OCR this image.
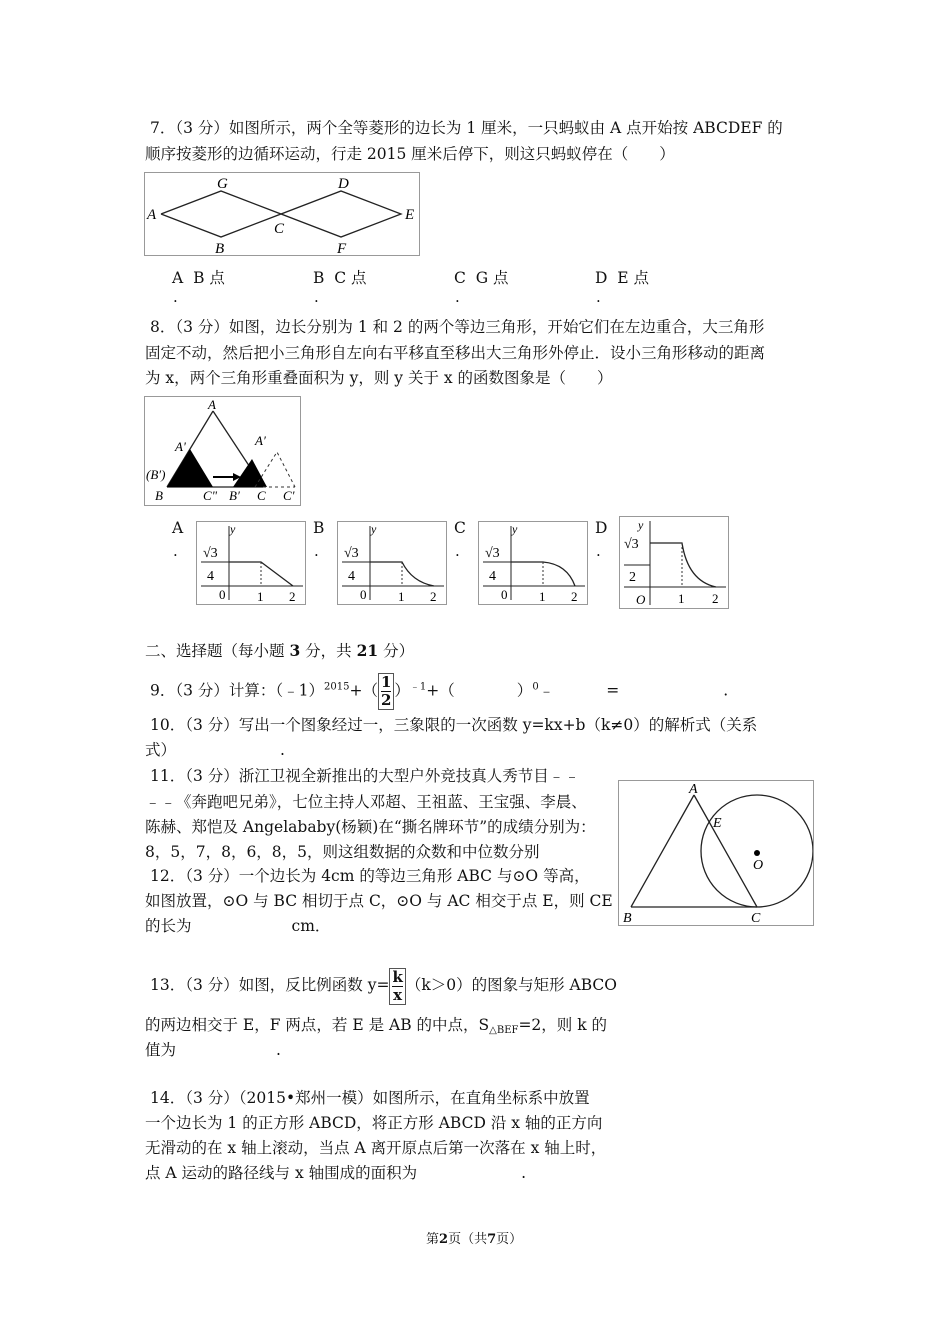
7．（3 分）如图所示，两个全等菱形的边长为 1 厘米，一只蚂蚁由 A 点开始按 ABCDEF 的
顺序按菱形的边循环运动，行走 2015 厘米后停下，则这只蚂蚁停在（　　）
G	D
A
C
E
B	F
A B 点	B C 点	C G 点	D E 点
.	.	.	.
8．（3 分）如图，边长分别为 1 和 2 的两个等边三角形，开始它们在左边重合，大三角形
固定不动，然后把小三角形自左向右平移直至移出大三角形外停止．设小三角形移动的距离
为 x，两个三角形重叠面积为 y，则 y 关于 x 的函数图象是（　　）
A
A'	A′
(B′)
B	C" B′ C C'
A	B	C	D
.	.	.	.
y
√3
4
0 1 2
y
√3
4
0 1 2
y
√3
4
0 1 2
y
√3
2
O	1 2
二、选择题（每小题 3 分，共 21 分）
9．（3 分）计算：（﹣1）$^{2015}$+（ $\frac{1}{2} )^{﹣1}+$（	）$^0$﹣	=	.
10．（3 分）写出一个图象经过一，三象限的一次函数 y=kx+b（k≠0）的解析式（关系
式）	.
11．（3 分）浙江卫视全新推出的大型户外竞技真人秀节目﹣﹣
﹣﹣《奔跑吧兄弟》，七位主持人邓超、王祖蓝、王宝强、李晨、
陈赫、郑恺及 Angelababy(杨颖)在“撕名牌环节”的成绩分别为：
8，5，7，8，6，8，5，则这组数据的众数和中位数分别
12．（3 分）一个边长为 4cm 的等边三角形 ABC 与⊙O 等高，
如图放置，⊙O 与 BC 相切于点 C，⊙O 与 AC 相交于点 E，则 CE
的长为	cm．
A
E
O
B	C
13．（3 分）如图，反比例函数 $y= \frac{k}{x} (k>0)$的图象与矩形 ABCO
的两边相交于 E，F 两点，若 E 是 AB 的中点，$S_{\triangle BEF}=2$，则 k 的
值为	.
14．（3 分）（2015•郑州一模）如图所示，在直角坐标系中放置
一个边长为 1 的正方形 ABCD，将正方形 ABCD 沿 x 轴的正方向
无滑动的在 x 轴上滚动，当点 A 离开原点后第一次落在 x 轴上时，
点 A 运动的路径线与 x 轴围成的面积为	.
第2页（共7页）
